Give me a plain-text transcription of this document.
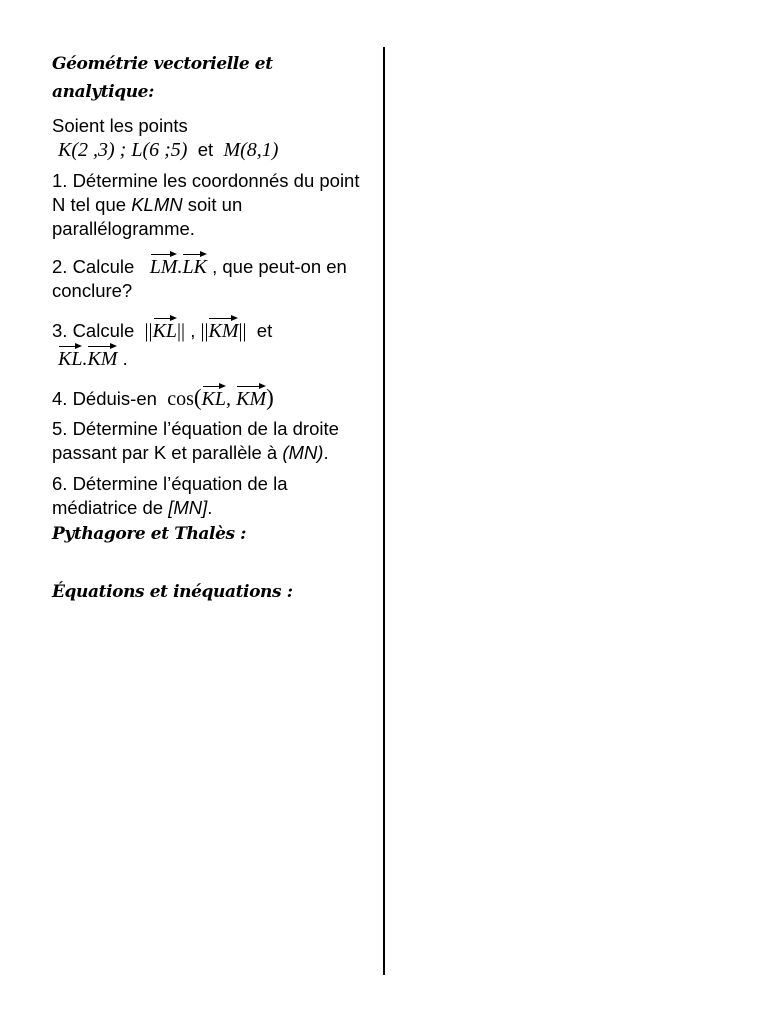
Géométrie vectorielle et analytique:

Soient les points

K(2 ,3) ; L(6 ;5) et M(8,1)

1. Détermine les coordonnés du point N tel que KLMN soit un parallélogramme.

2. Calcule LM.LK , que peut-on en conclure?

3. Calcule ||KL|| , ||KM|| et
KL.KM .

4. Déduis-en cos(KL, KM)

5. Détermine l’équation de la droite passant par K et parallèle à (MN).

6. Détermine l’équation de la médiatrice de [MN].

Pythagore et Thalès :
Équations et inéquations :
